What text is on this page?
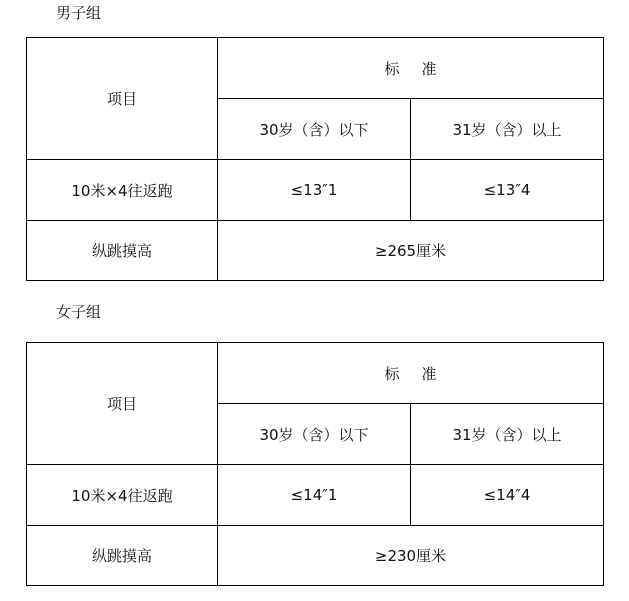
男子组
项目	标 准	
	30岁（含）以下	31岁（含）以上
10米×4往返跑	≤13″1	≤13″4
纵跳摸高	≥265厘米	
女子组
项目	标 准	
	30岁（含）以下	31岁（含）以上
10米×4往返跑	≤14″1	≤14″4
纵跳摸高	≥230厘米	
